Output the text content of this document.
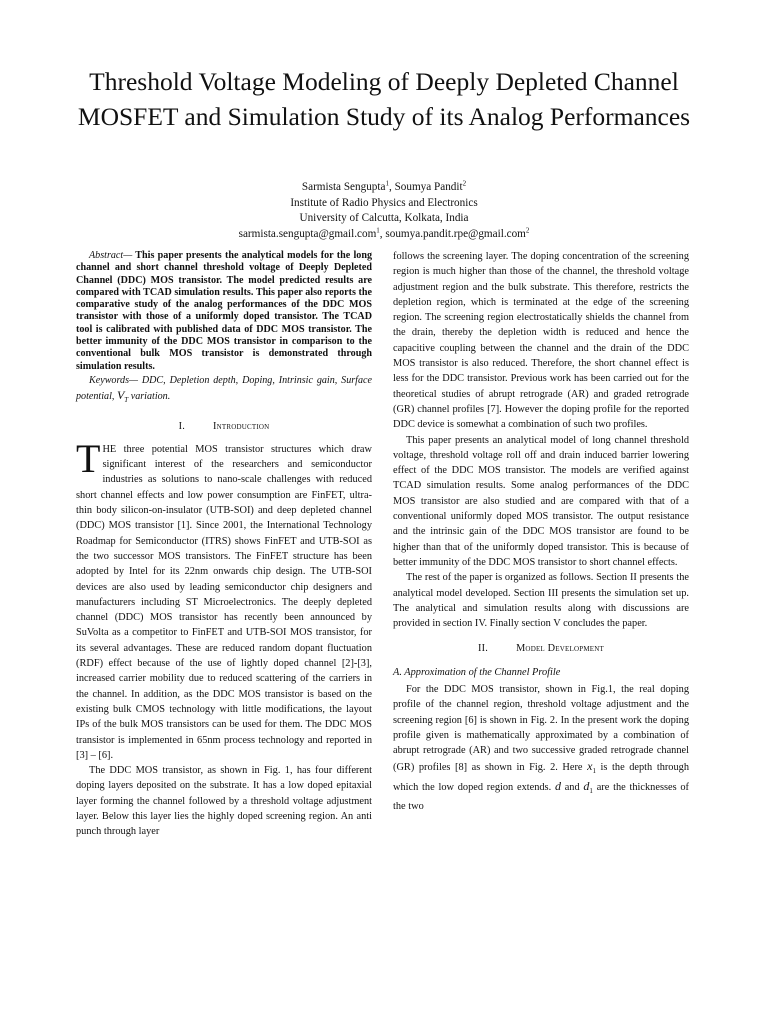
Threshold Voltage Modeling of Deeply Depleted Channel MOSFET and Simulation Study of its Analog Performances
Sarmista Sengupta$^1$, Soumya Pandit$^2$
Institute of Radio Physics and Electronics
University of Calcutta, Kolkata, India
sarmista.sengupta@gmail.com$^1$, soumya.pandit.rpe@gmail.com$^2$

Abstract— This paper presents the analytical models for the long channel and short channel threshold voltage of Deeply Depleted Channel (DDC) MOS transistor. The model predicted results are compared with TCAD simulation results. This paper also reports the comparative study of the analog performances of the DDC MOS transistor with those of a uniformly doped transistor. The TCAD tool is calibrated with published data of DDC MOS transistor. The better immunity of the DDC MOS transistor in comparison to the conventional bulk MOS transistor is demonstrated through simulation results.

Keywords— DDC, Depletion depth, Doping, Intrinsic gain, Surface potential, $V_T$ variation.

I.	Introduction

THE three potential MOS transistor structures which draw significant interest of the researchers and semiconductor industries as solutions to nano-scale challenges with reduced short channel effects and low power consumption are FinFET, ultra-thin body silicon-on-insulator (UTB-SOI) and deep depleted channel (DDC) MOS transistor [1]. Since 2001, the International Technology Roadmap for Semiconductor (ITRS) shows FinFET and UTB-SOI as the two successor MOS transistors. The FinFET structure has been adopted by Intel for its 22nm onwards chip design. The UTB-SOI devices are also used by leading semiconductor chip designers and manufacturers including ST Microelectronics. The deeply depleted channel (DDC) MOS transistor has recently been announced by SuVolta as a competitor to FinFET and UTB-SOI MOS transistor, for its several advantages. These are reduced random dopant fluctuation (RDF) effect because of the use of lightly doped channel [2]-[3], increased carrier mobility due to reduced scattering of the carriers in the channel. In addition, as the DDC MOS transistor is based on the existing bulk CMOS technology with little modifications, the layout IPs of the bulk MOS transistors can be used for them. The DDC MOS transistor is implemented in 65nm process technology and reported in [3] – [6].

The DDC MOS transistor, as shown in Fig. 1, has four different doping layers deposited on the substrate. It has a low doped epitaxial layer forming the channel followed by a threshold voltage adjustment layer. Below this layer lies the highly doped screening region. An anti punch through layer

follows the screening layer. The doping concentration of the screening region is much higher than those of the channel, the threshold voltage adjustment region and the bulk substrate. This therefore, restricts the depletion region, which is terminated at the edge of the screening region. The screening region electrostatically shields the channel from the drain, thereby the depletion width is reduced and hence the capacitive coupling between the channel and the drain of the DDC MOS transistor is also reduced. Therefore, the short channel effect is less for the DDC transistor. Previous work has been carried out for the theoretical studies of abrupt retrograde (AR) and graded retrograde (GR) channel profiles [7]. However the doping profile for the reported DDC device is somewhat a combination of such two profiles.

This paper presents an analytical model of long channel threshold voltage, threshold voltage roll off and drain induced barrier lowering effect of the DDC MOS transistor. The models are verified against TCAD simulation results. Some analog performances of the DDC MOS transistor are also studied and are compared with that of a conventional uniformly doped MOS transistor. The output resistance and the intrinsic gain of the DDC MOS transistor are found to be higher than that of the uniformly doped transistor. This is because of better immunity of the DDC MOS transistor to short channel effects.

The rest of the paper is organized as follows. Section II presents the analytical model developed. Section III presents the simulation set up. The analytical and simulation results along with discussions are provided in section IV. Finally section V concludes the paper.

II.	Model Development
A. Approximation of the Channel Profile

For the DDC MOS transistor, shown in Fig.1, the real doping profile of the channel region, threshold voltage adjustment and the screening region [6] is shown in Fig. 2. In the present work the doping profile given is mathematically approximated by a combination of abrupt retrograde (AR) and two successive graded retrograde channel (GR) profiles [8] as shown in Fig. 2. Here $x_1$ is the depth through which the low doped region extends. d and $d_1$ are the thicknesses of the two
